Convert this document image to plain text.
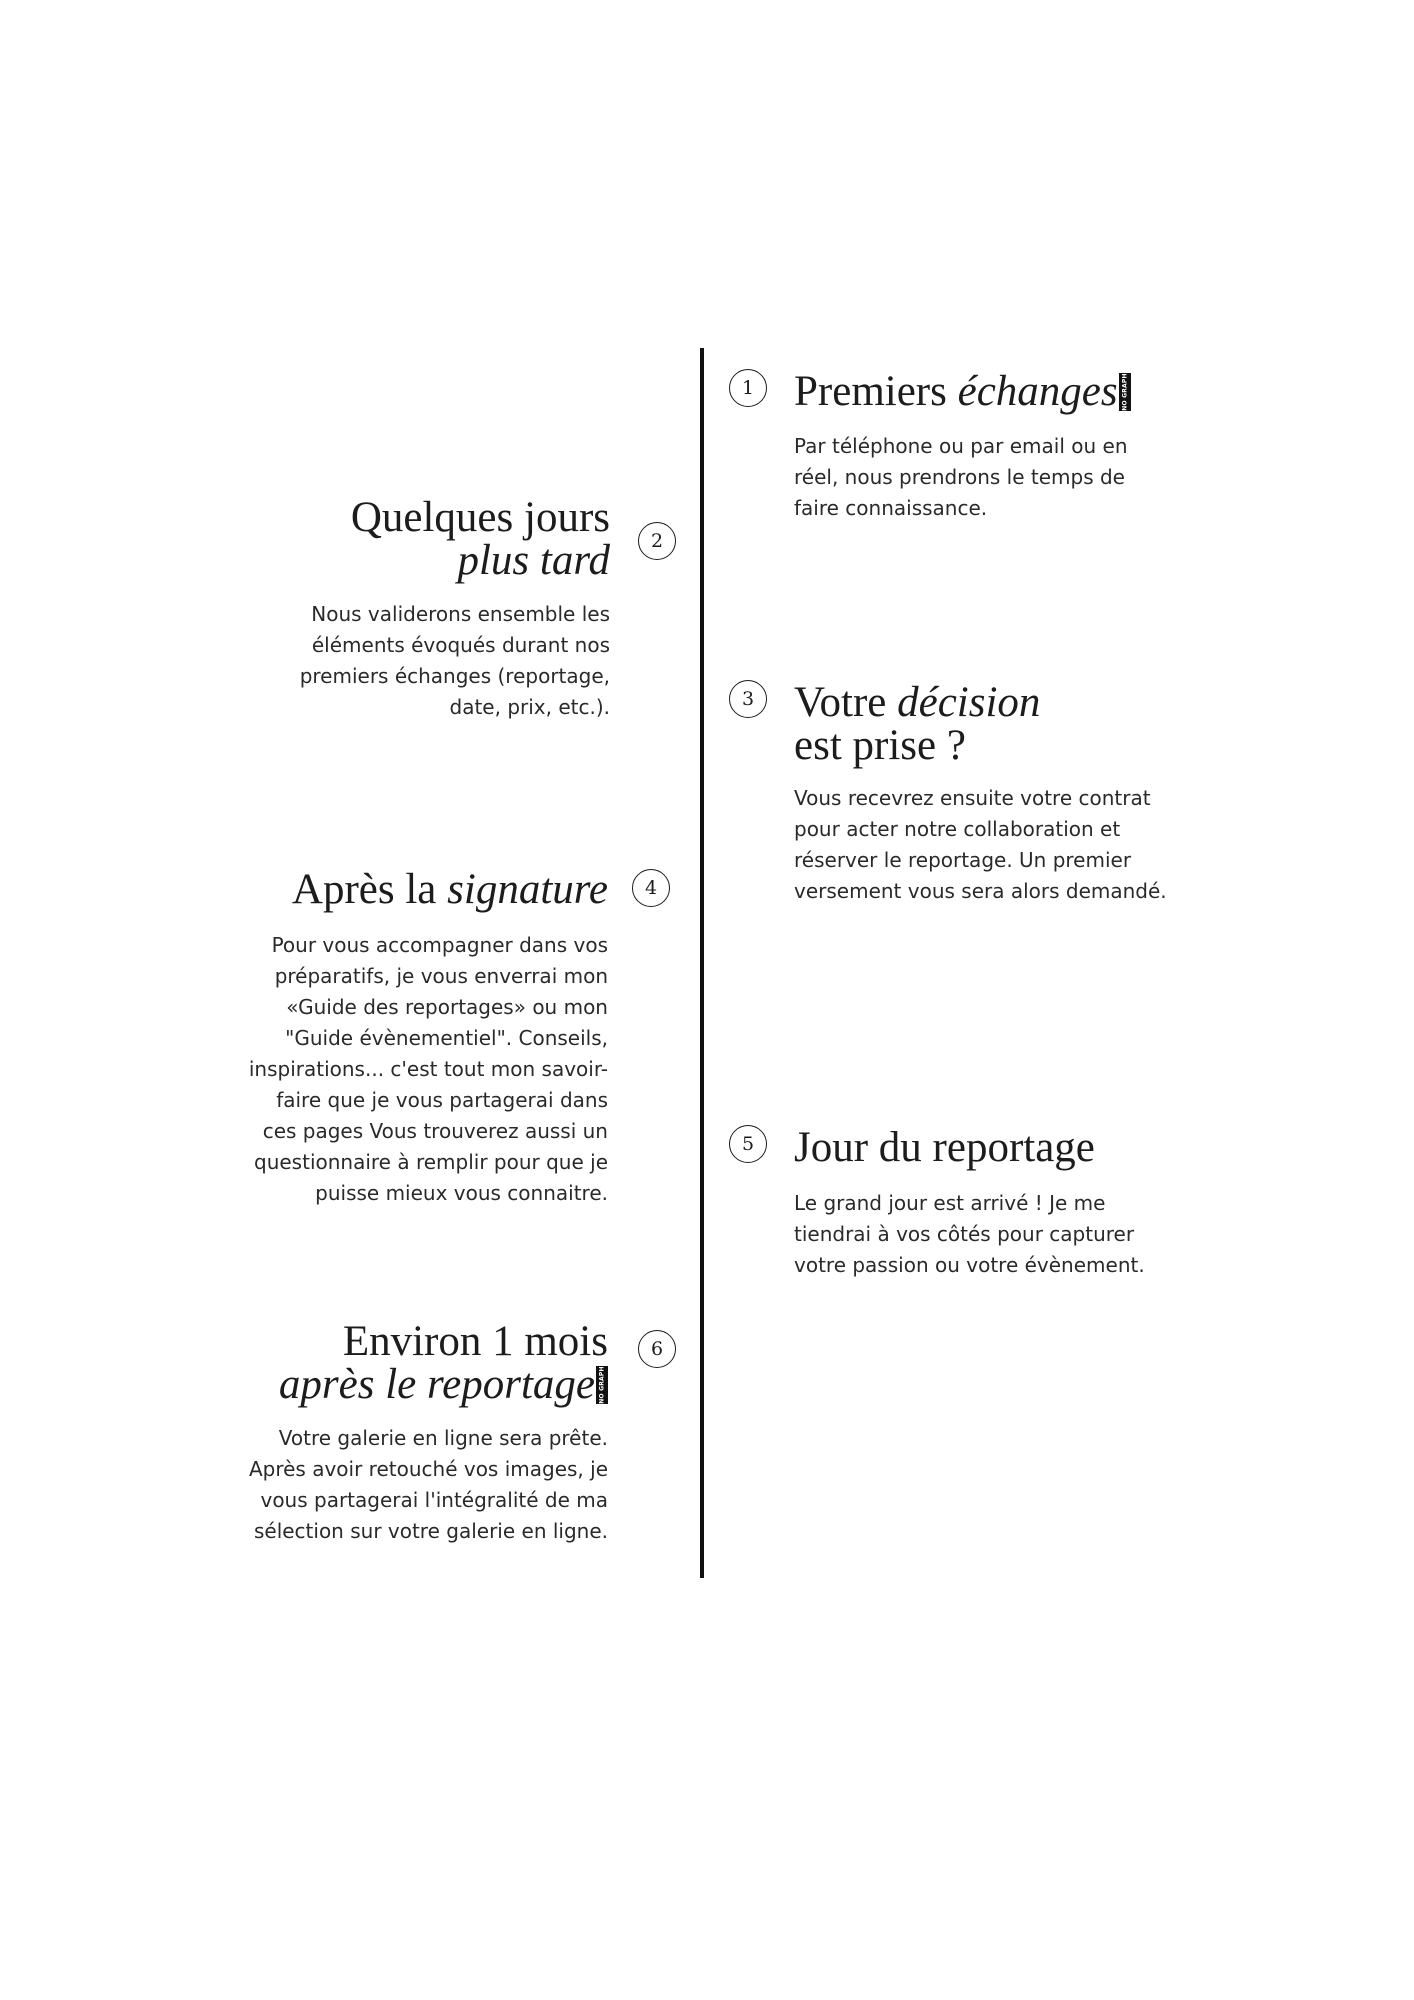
1 Premiers échanges NO GRAPH

Par téléphone ou par email ou en réel, nous prendrons le temps de faire connaissance.

2
Quelques jours
plus tard

Nous validerons ensemble les éléments évoqués durant nos premiers échanges (reportage, date, prix, etc.).	3 Votre décision
est prise ?

Vous recevrez ensuite votre contrat pour acter notre collaboration et réserver le reportage. Un premier versement vous sera alors demandé.

4
Après la signature

Pour vous accompagner dans vos préparatifs, je vous enverrai mon «Guide des reportages» ou mon "Guide évènementiel". Conseils, inspirations... c'est tout mon savoir-faire que je vous partagerai dans ces pages Vous trouverez aussi un questionnaire à remplir pour que je puisse mieux vous connaitre.

5 Jour du reportage

Le grand jour est arrivé ! Je me tiendrai à vos côtés pour capturer votre passion ou votre évènement.

6
Environ 1 mois
après le reportage NO GRAPH

Votre galerie en ligne sera prête. Après avoir retouché vos images, je vous partagerai l'intégralité de ma sélection sur votre galerie en ligne.
